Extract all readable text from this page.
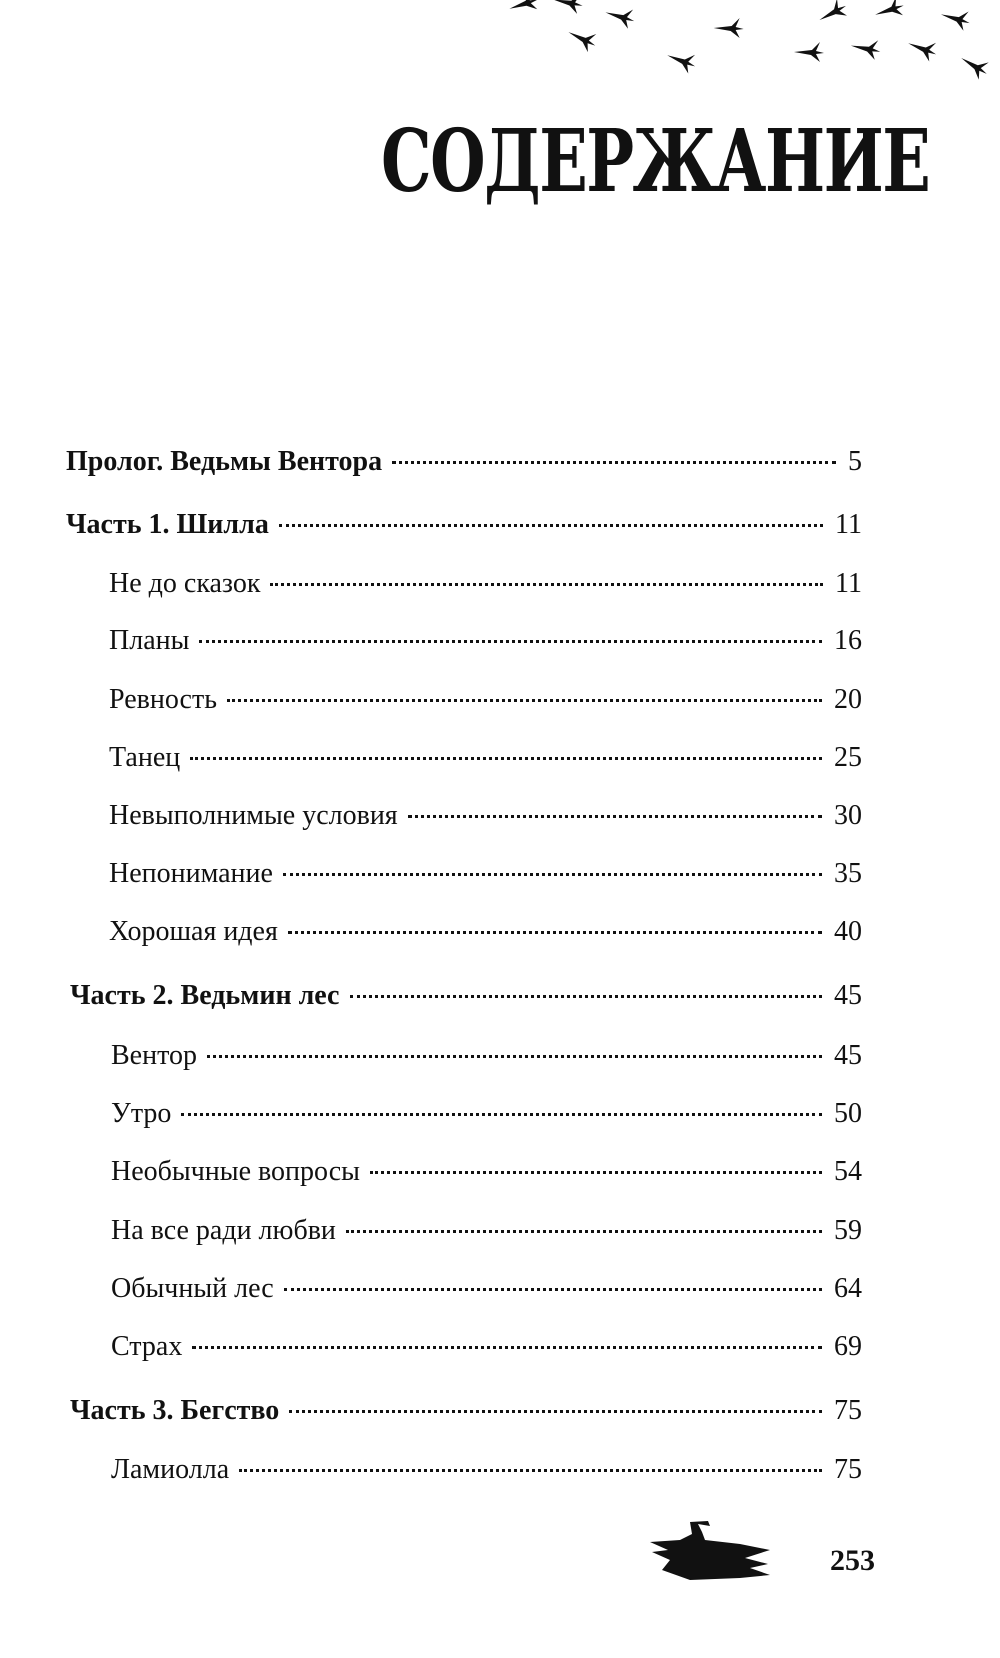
СОДЕРЖАНИЕ
Пролог. Ведьмы Вентора	5
Часть 1. Шилла	11
Не до сказок	11
Планы	16
Ревность	20
Танец	25
Невыполнимые условия	30
Непонимание	35
Хорошая идея	40
Часть 2. Ведьмин лес	45
Вентор	45
Утро	50
Необычные вопросы	54
На все ради любви	59
Обычный лес	64
Страх	69
Часть 3. Бегство	75
Ламиолла	75
253
